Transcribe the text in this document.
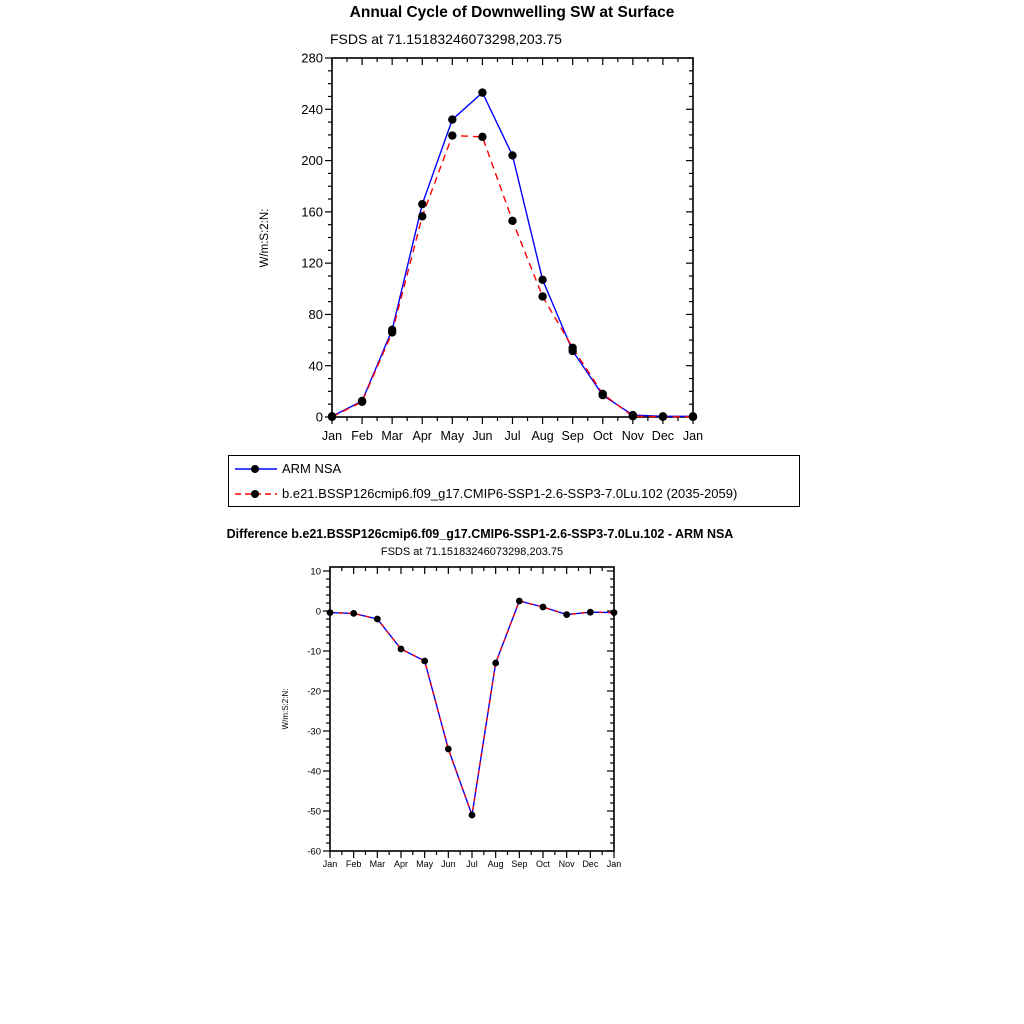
0
40
80
120
160
200
240
280
Jan Feb Mar Apr May Jun Jul Aug Sep Oct Nov Dec Jan
W/m:S:2:N:
-60
-50
-40
-30
-20
-10
0
10
Jan Feb Mar Apr May Jun Jul Aug Sep Oct Nov Dec Jan
W/m:S:2:N:
Annual Cycle of Downwelling SW at Surface
FSDS at 71.15183246073298,203.75
ARM NSA
b.e21.BSSP126cmip6.f09_g17.CMIP6-SSP1-2.6-SSP3-7.0Lu.102 (2035-2059)
Difference b.e21.BSSP126cmip6.f09_g17.CMIP6-SSP1-2.6-SSP3-7.0Lu.102 - ARM NSA
FSDS at 71.15183246073298,203.75
